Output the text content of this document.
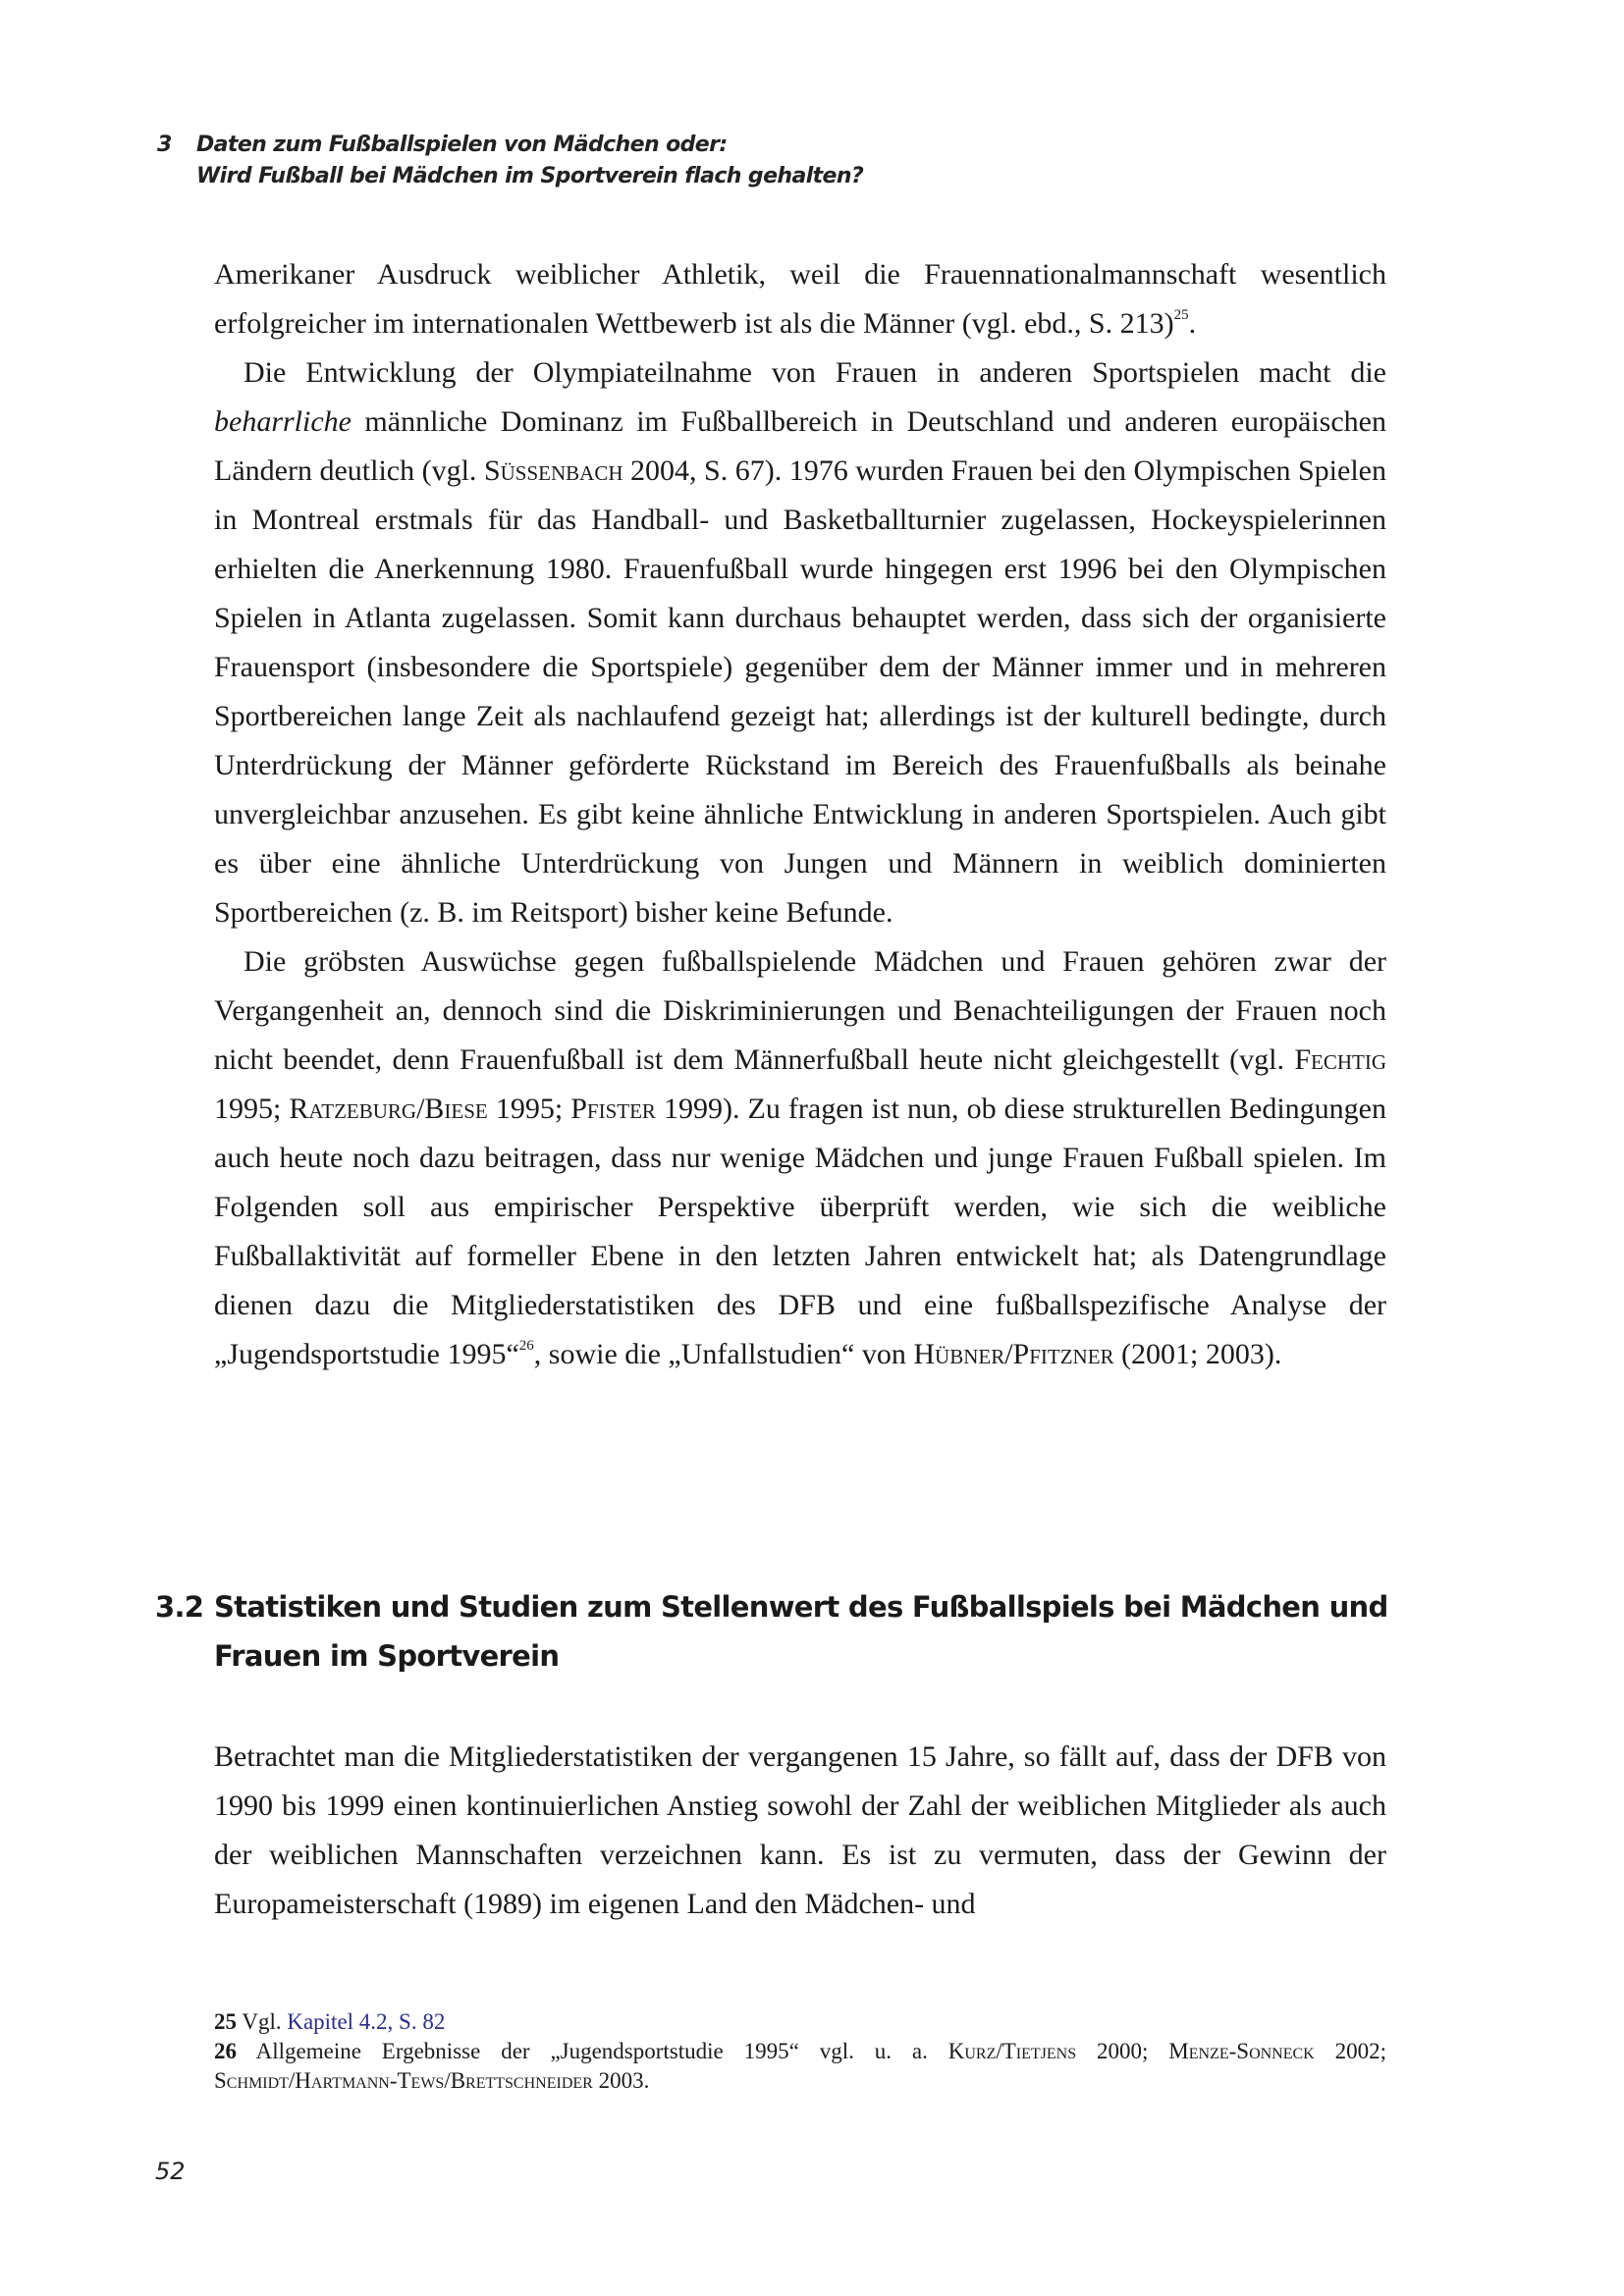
3 Daten zum Fußballspielen von Mädchen oder:
Wird Fußball bei Mädchen im Sportverein flach gehalten?

Amerikaner Ausdruck weiblicher Athletik, weil die Frauennationalmannschaft wesentlich erfolgreicher im internationalen Wettbewerb ist als die Männer (vgl. ebd., S. 213)$^{25}$.

Die Entwicklung der Olympiateilnahme von Frauen in anderen Sportspielen macht die beharrliche männliche Dominanz im Fußballbereich in Deutschland und anderen europäischen Ländern deutlich (vgl. Süßenbach 2004, S. 67). 1976 wurden Frauen bei den Olympischen Spielen in Montreal erstmals für das Handball- und Basketballturnier zugelassen, Hockeyspielerinnen erhielten die Anerkennung 1980. Frauenfußball wurde hingegen erst 1996 bei den Olympischen Spielen in Atlanta zugelassen. Somit kann durchaus behauptet werden, dass sich der organisierte Frauensport (insbesondere die Sportspiele) gegenüber dem der Männer immer und in mehreren Sportbereichen lange Zeit als nachlaufend gezeigt hat; allerdings ist der kulturell bedingte, durch Unterdrückung der Männer geförderte Rückstand im Bereich des Frauenfußballs als beinahe unvergleichbar anzusehen. Es gibt keine ähnliche Entwicklung in anderen Sportspielen. Auch gibt es über eine ähnliche Unterdrückung von Jungen und Männern in weiblich dominierten Sportbereichen (z. B. im Reitsport) bisher keine Befunde.

Die gröbsten Auswüchse gegen fußballspielende Mädchen und Frauen gehören zwar der Vergangenheit an, dennoch sind die Diskriminierungen und Benachteiligungen der Frauen noch nicht beendet, denn Frauenfußball ist dem Männerfußball heute nicht gleichgestellt (vgl. Fechtig 1995; Ratzeburg/Biese 1995; Pfister 1999). Zu fragen ist nun, ob diese strukturellen Bedingungen auch heute noch dazu beitragen, dass nur wenige Mädchen und junge Frauen Fußball spielen. Im Folgenden soll aus empirischer Perspektive überprüft werden, wie sich die weibliche Fußballaktivität auf formeller Ebene in den letzten Jahren entwickelt hat; als Datengrundlage dienen dazu die Mitgliederstatistiken des DFB und eine fußballspezifische Analyse der „Jugendsportstudie 1995“$^{26}$, sowie die „Unfallstudien“ von Hübner/Pfitzner (2001; 2003).

3.2 Statistiken und Studien zum Stellenwert des Fußballspiels bei Mädchen und Frauen im Sportverein

Betrachtet man die Mitgliederstatistiken der vergangenen 15 Jahre, so fällt auf, dass der DFB von 1990 bis 1999 einen kontinuierlichen Anstieg sowohl der Zahl der weiblichen Mitglieder als auch der weiblichen Mannschaften verzeichnen kann. Es ist zu vermuten, dass der Gewinn der Europameisterschaft (1989) im eigenen Land den Mädchen- und

25 Vgl. Kapitel 4.2, S. 82

26 Allgemeine Ergebnisse der „Jugendsportstudie 1995“ vgl. u. a. Kurz/Tietjens 2000; Menze-Sonneck 2002; Schmidt/Hartmann-Tews/Brettschneider 2003.

52
